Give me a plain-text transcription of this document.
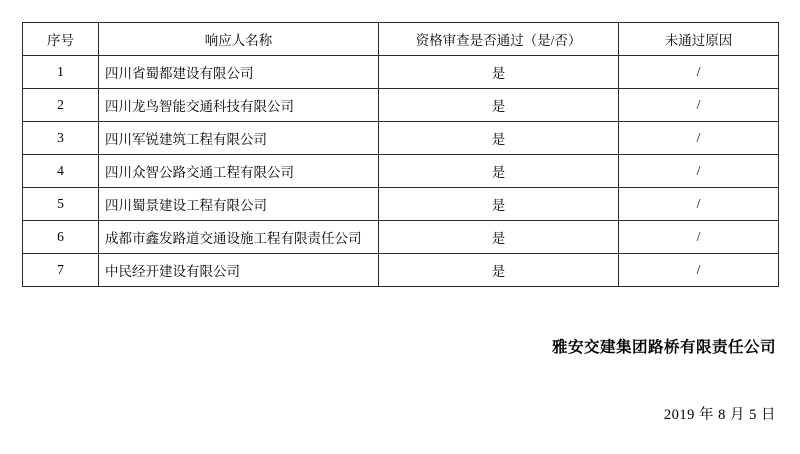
序号	响应人名称	资格审查是否通过（是/否）	未通过原因
1	四川省蜀都建设有限公司	是	/
2	四川龙鸟智能交通科技有限公司	是	/
3	四川军锐建筑工程有限公司	是	/
4	四川众智公路交通工程有限公司	是	/
5	四川蜀景建设工程有限公司	是	/
6	成都市鑫发路道交通设施工程有限责任公司	是	/
7	中民经开建设有限公司	是	/
雅安交建集团路桥有限责任公司
2019 年 8 月 5 日
